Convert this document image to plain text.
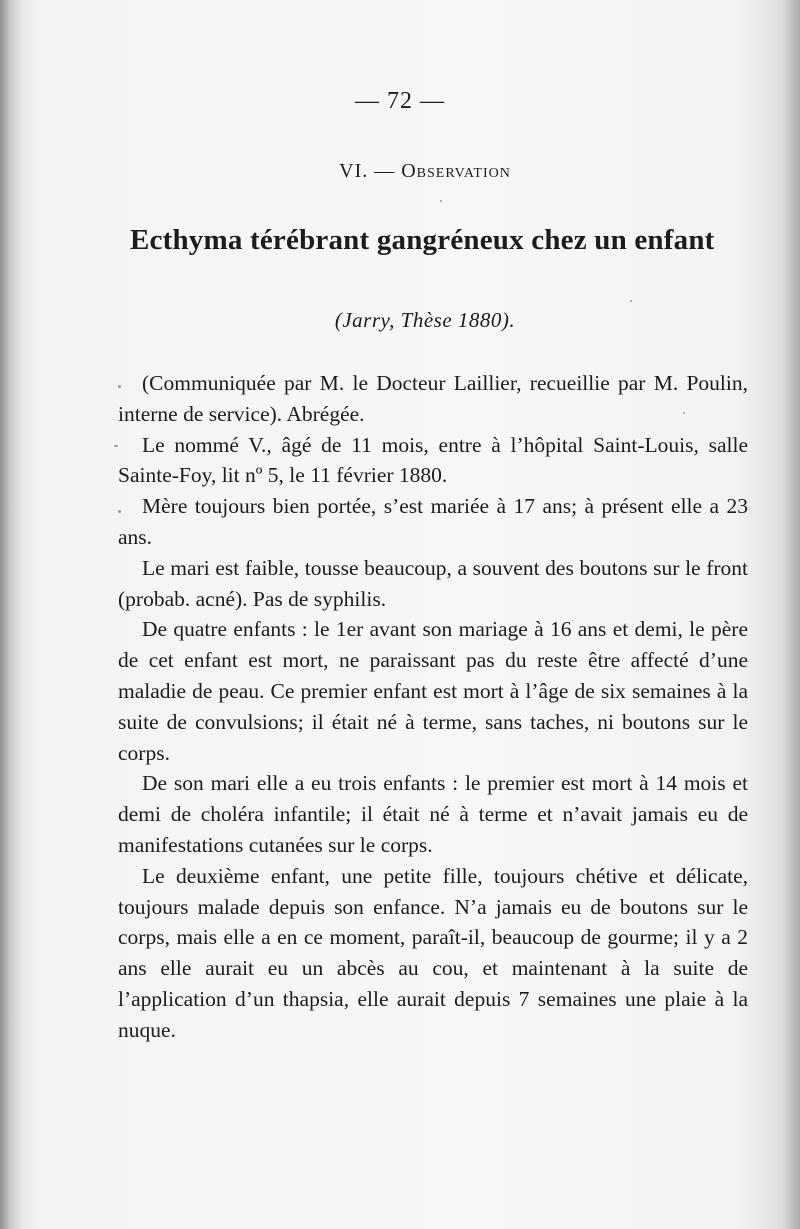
— 72 —
VI. — Observation
Ecthyma térébrant gangréneux chez un enfant
(Jarry, Thèse 1880).

(Communiquée par M. le Docteur Laillier, recueillie par M. Poulin, interne de service). Abrégée.

Le nommé V., âgé de 11 mois, entre à l’hôpital Saint-Louis, salle Sainte-Foy, lit nº 5, le 11 février 1880.

Mère toujours bien portée, s’est mariée à 17 ans; à présent elle a 23 ans.

Le mari est faible, tousse beaucoup, a souvent des boutons sur le front (probab. acné). Pas de syphilis.

De quatre enfants : le 1er avant son mariage à 16 ans et demi, le père de cet enfant est mort, ne paraissant pas du reste être affecté d’une maladie de peau. Ce premier enfant est mort à l’âge de six semaines à la suite de convulsions; il était né à terme, sans taches, ni boutons sur le corps.

De son mari elle a eu trois enfants : le premier est mort à 14 mois et demi de choléra infantile; il était né à terme et n’avait jamais eu de manifestations cutanées sur le corps.

Le deuxième enfant, une petite fille, toujours chétive et délicate, toujours malade depuis son enfance. N’a jamais eu de boutons sur le corps, mais elle a en ce moment, paraît-il, beaucoup de gourme; il y a 2 ans elle aurait eu un abcès au cou, et maintenant à la suite de l’application d’un thapsia, elle aurait depuis 7 semaines une plaie à la nuque.
